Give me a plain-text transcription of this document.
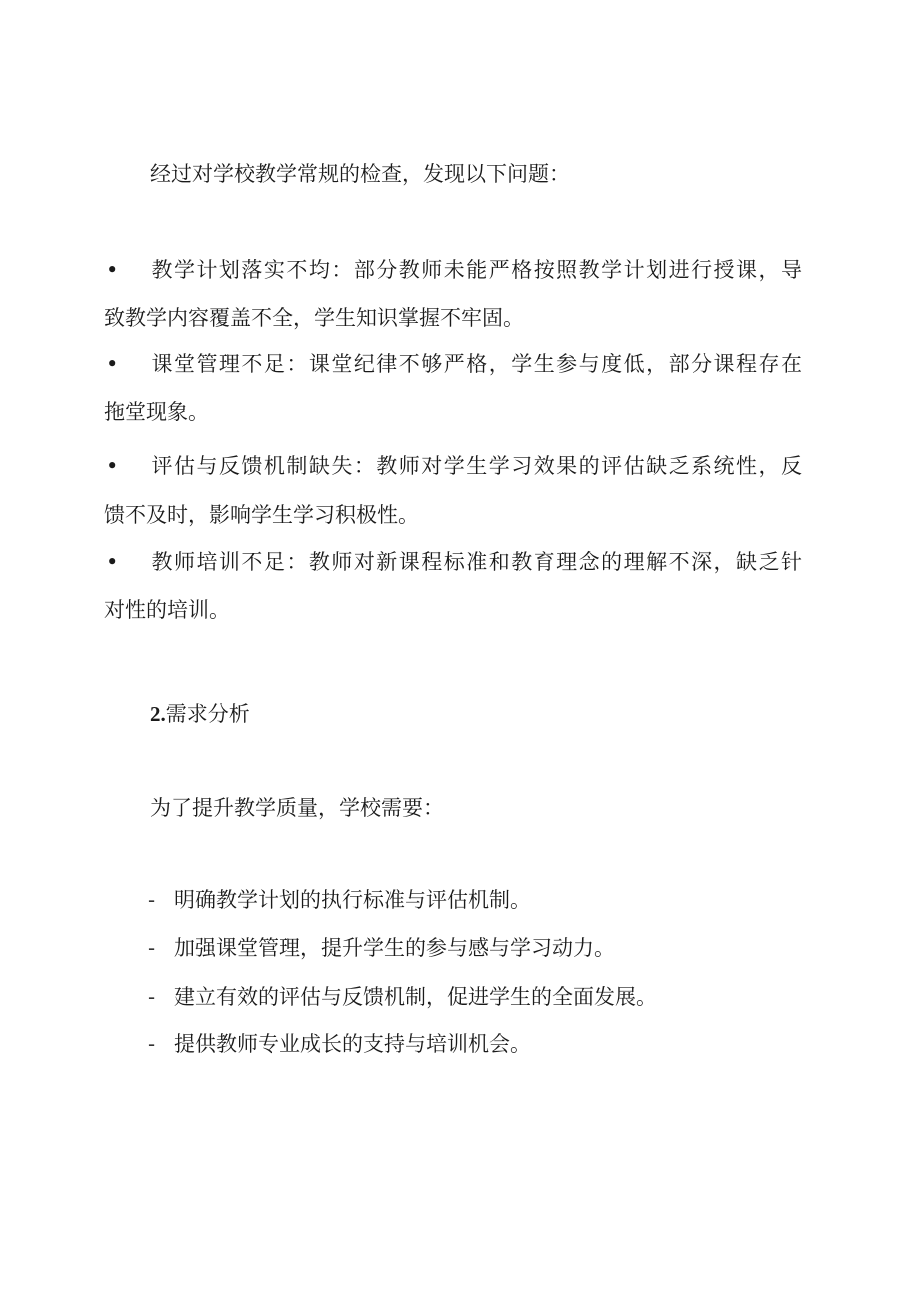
经过对学校教学常规的检查，发现以下问题：
• 教学计划落实不均：部分教师未能严格按照教学计划进行授课，导
致教学内容覆盖不全，学生知识掌握不牢固。
• 课堂管理不足：课堂纪律不够严格，学生参与度低，部分课程存在
拖堂现象。
• 评估与反馈机制缺失：教师对学生学习效果的评估缺乏系统性，反
馈不及时，影响学生学习积极性。
• 教师培训不足：教师对新课程标准和教育理念的理解不深，缺乏针
对性的培训。
2.需求分析
为了提升教学质量，学校需要：
- 明确教学计划的执行标准与评估机制。
- 加强课堂管理，提升学生的参与感与学习动力。
- 建立有效的评估与反馈机制，促进学生的全面发展。
- 提供教师专业成长的支持与培训机会。
